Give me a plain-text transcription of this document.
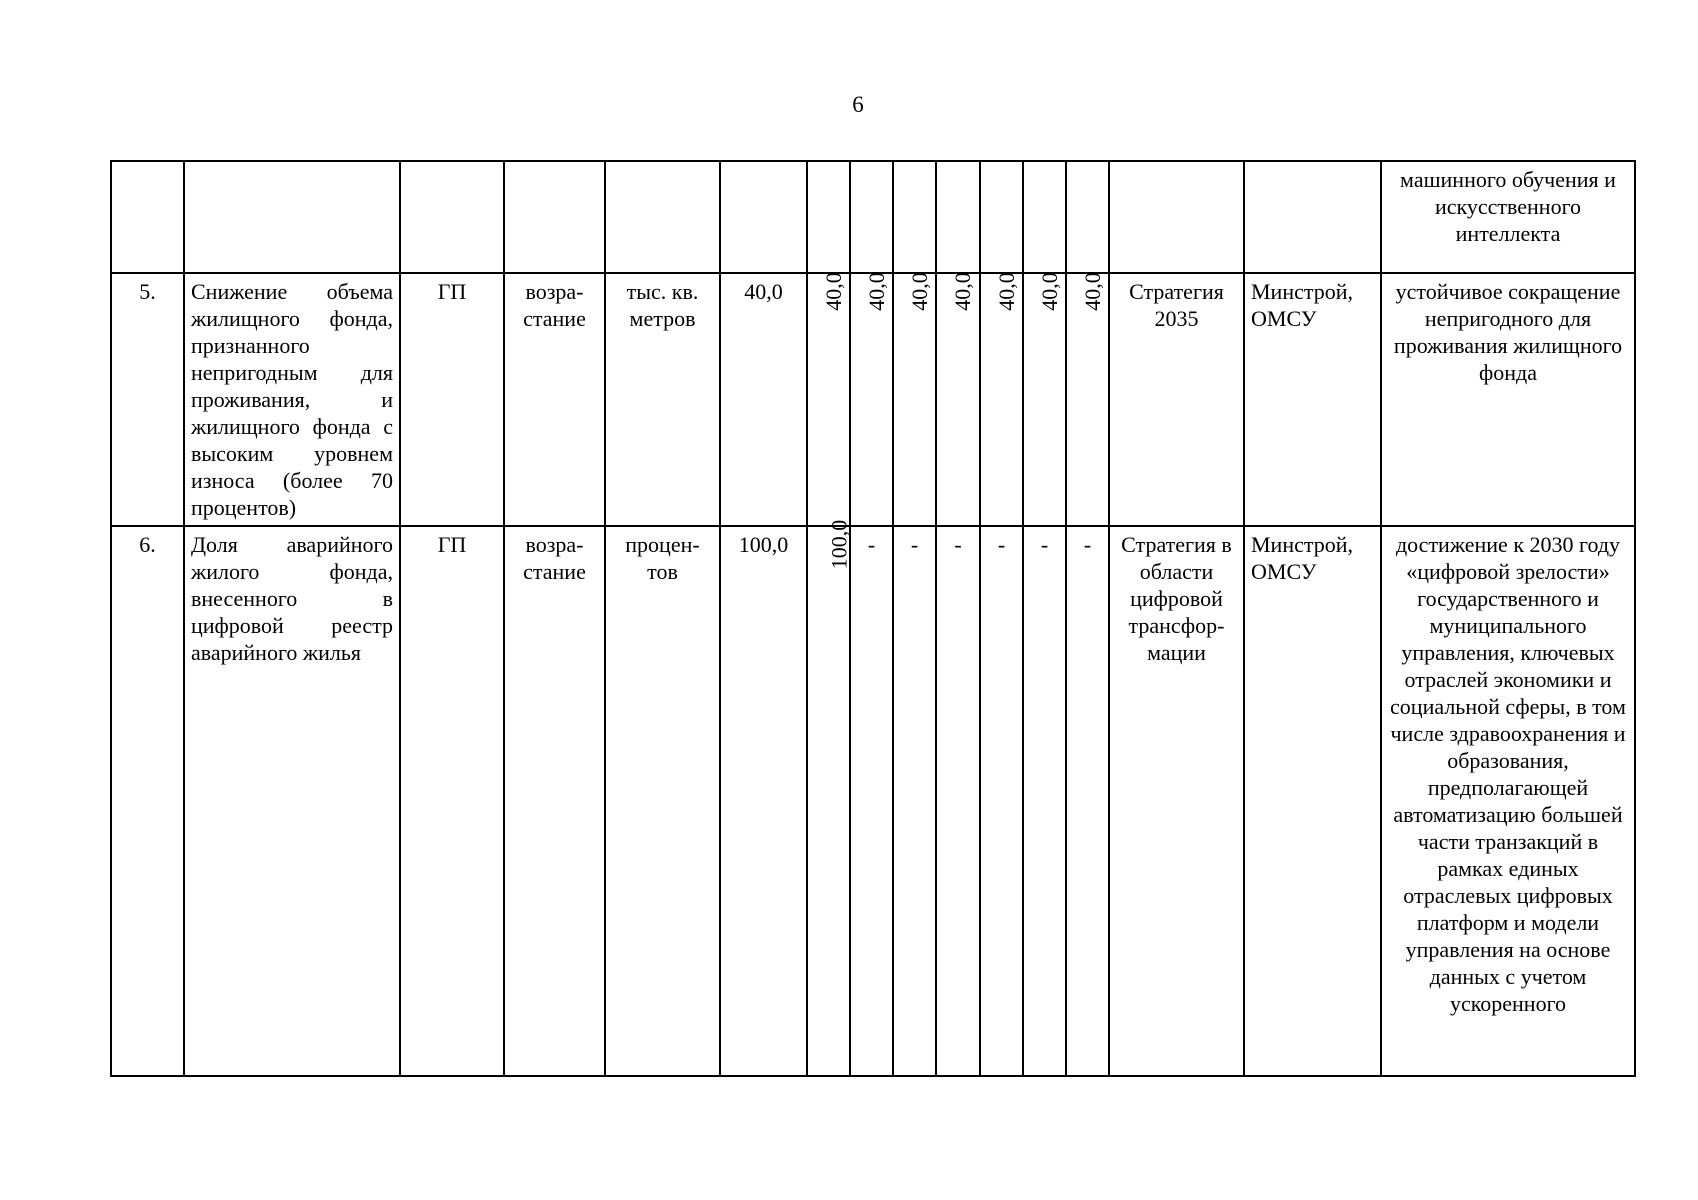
6
															машинного обучения и искусственного интеллекта
5.	Снижение объема жилищного фонда, признанного непригодным для проживания, и жилищного фонда с высоким уровнем износа (более 70 процентов)	ГП	возра-стание	тыс. кв. метров	40,0	40,0	40,0	40,0	40,0	40,0	40,0	40,0	Стратегия 2035	Минстрой, ОМСУ	устойчивое сокращение непригодного для проживания жилищного фонда
6.	Доля аварийного жилого фонда, внесенного в цифровой реестр аварийного жилья	ГП	возра-стание	процен-тов	100,0	100,0	-	-	-	-	-	-	Стратегия в области цифровой трансфор-мации	Минстрой, ОМСУ	достижение к 2030 году «цифровой зрелости» государственного и муниципального управления, ключевых отраслей экономики и социальной сферы, в том числе здравоохранения и образования, предполагающей автоматизацию большей части транзакций в рамках единых отраслевых цифровых платформ и модели управления на основе данных с учетом ускоренного
